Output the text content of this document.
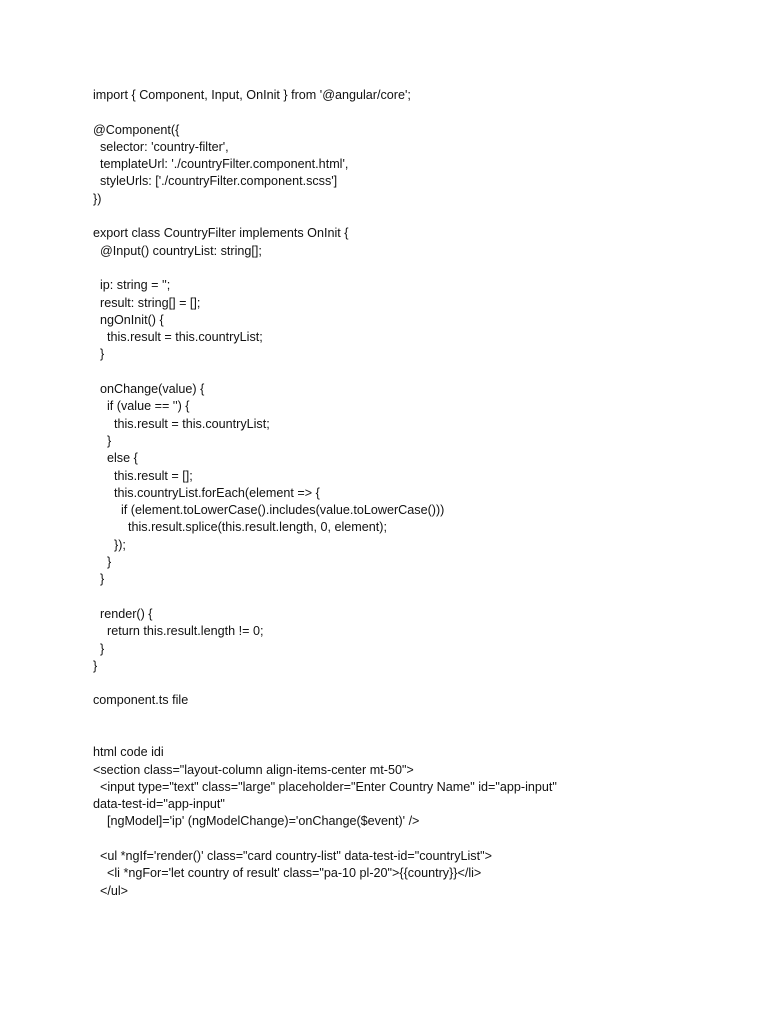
import { Component, Input, OnInit } from '@angular/core';
@Component({
selector: 'country-filter',
templateUrl: './countryFilter.component.html',
styleUrls: ['./countryFilter.component.scss']
})
export class CountryFilter implements OnInit {
@Input() countryList: string[];
ip: string = '';
result: string[] = [];
ngOnInit() {
this.result = this.countryList;
}
onChange(value) {
if (value == '') {
this.result = this.countryList;
}
else {
this.result = [];
this.countryList.forEach(element => {
if (element.toLowerCase().includes(value.toLowerCase()))
this.result.splice(this.result.length, 0, element);
});
}
}
render() {
return this.result.length != 0;
}
}
component.ts file
html code idi
<section class="layout-column align-items-center mt-50">
<input type="text" class="large" placeholder="Enter Country Name" id="app-input"
data-test-id="app-input"
[ngModel]='ip' (ngModelChange)='onChange($event)' />
<ul *ngIf='render()' class="card country-list" data-test-id="countryList">
<li *ngFor='let country of result' class="pa-10 pl-20">{{country}}</li>
</ul>
